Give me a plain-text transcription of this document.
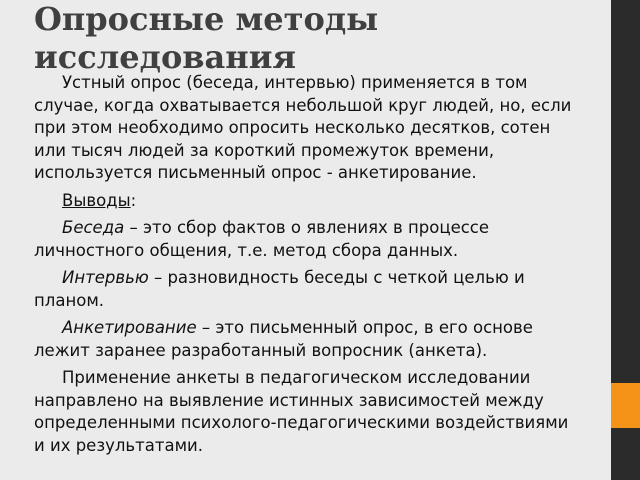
Опросные методы исследования

Устный опрос (беседа, интервью) применяется в том случае, когда охватывается небольшой круг людей, но, если при этом необходимо опросить несколько десятков, сотен или тысяч людей за короткий промежуток времени, используется письменный опрос - анкетирование.

Выводы:

Беседа – это сбор фактов о явлениях в процессе личностного общения, т.е. метод сбора данных.

Интервью – разновидность беседы с четкой целью и планом.

Анкетирование – это письменный опрос, в его основе лежит заранее разработанный вопросник (анкета).

Применение анкеты в педагогическом исследовании направлено на выявление истинных зависимостей между определенными психолого-педагогическими воздействиями и их результатами.
